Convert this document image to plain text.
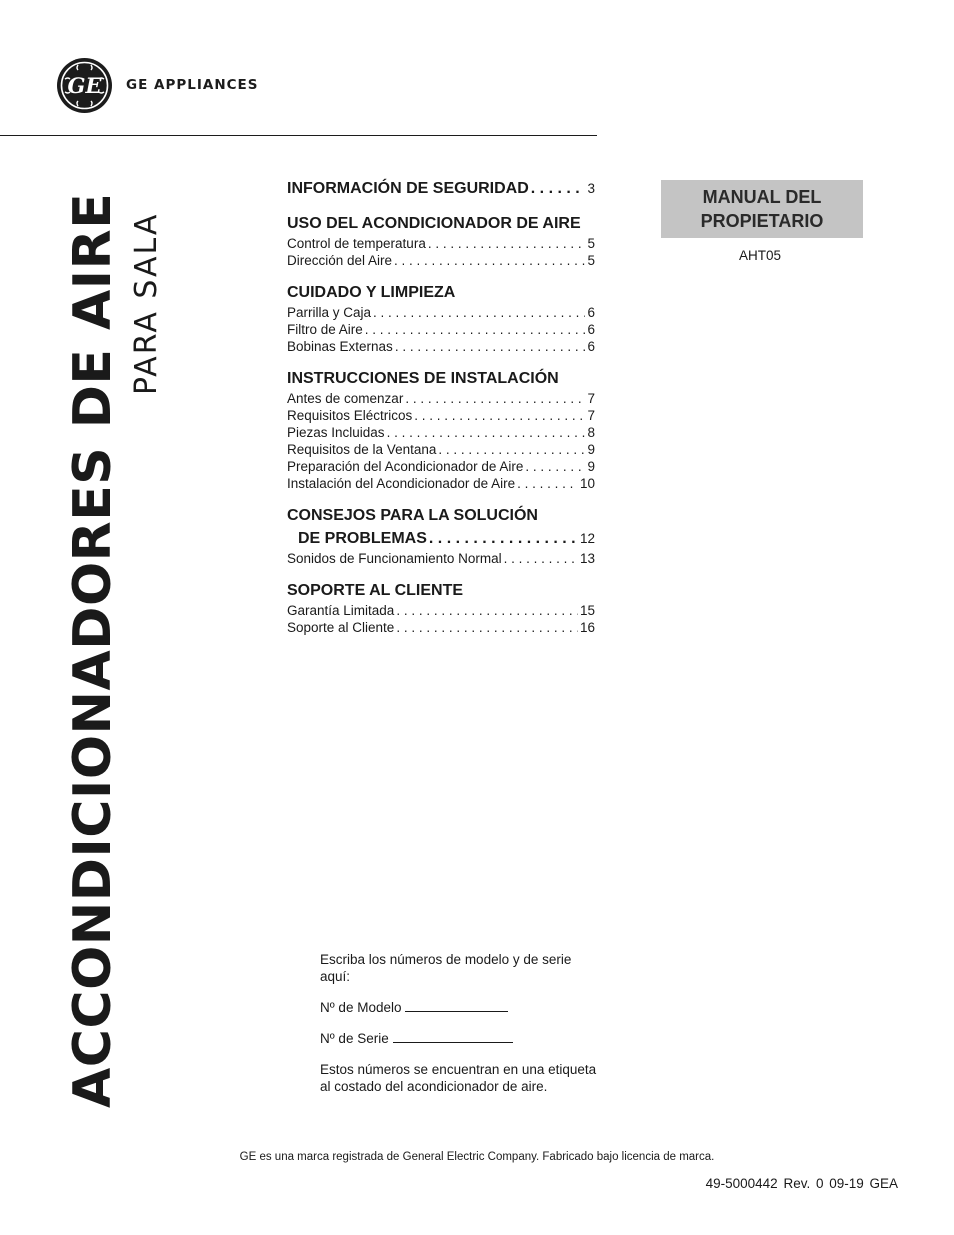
GE GE APPLIANCES
ACCONDICIONADORES DE AIRE PARA SALA
INFORMACIÓN DE SEGURIDAD . . .	3
USO DEL ACONDICIONADOR DE AIRE
Control de temperatura . . .	5
Dirección del Aire . . .	5
CUIDADO Y LIMPIEZA
Parrilla y Caja . . .	6
Filtro de Aire . . .	6
Bobinas Externas . . .	6
INSTRUCCIONES DE INSTALACIÓN
Antes de comenzar . . .	7
Requisitos Eléctricos . . .	7
Piezas Incluidas . . .	8
Requisitos de la Ventana . . .	9
Preparación del Acondicionador de Aire . . .	9
Instalación del Acondicionador de Aire . . .	10
CONSEJOS PARA LA SOLUCIÓN
DE PROBLEMAS . . .	12
Sonidos de Funcionamiento Normal . . .	13
SOPORTE AL CLIENTE
Garantía Limitada . . .	15
Soporte al Cliente . . .	16
MANUAL DEL
PROPIETARIO
AHT05

Escriba los números de modelo y de serie aquí:

Nº de Modelo

Nº de Serie

Estos números se encuentran en una etiqueta al costado del acondicionador de aire.

GE es una marca registrada de General Electric Company. Fabricado bajo licencia de marca.
49-5000442 Rev. 0 09-19 GEA
